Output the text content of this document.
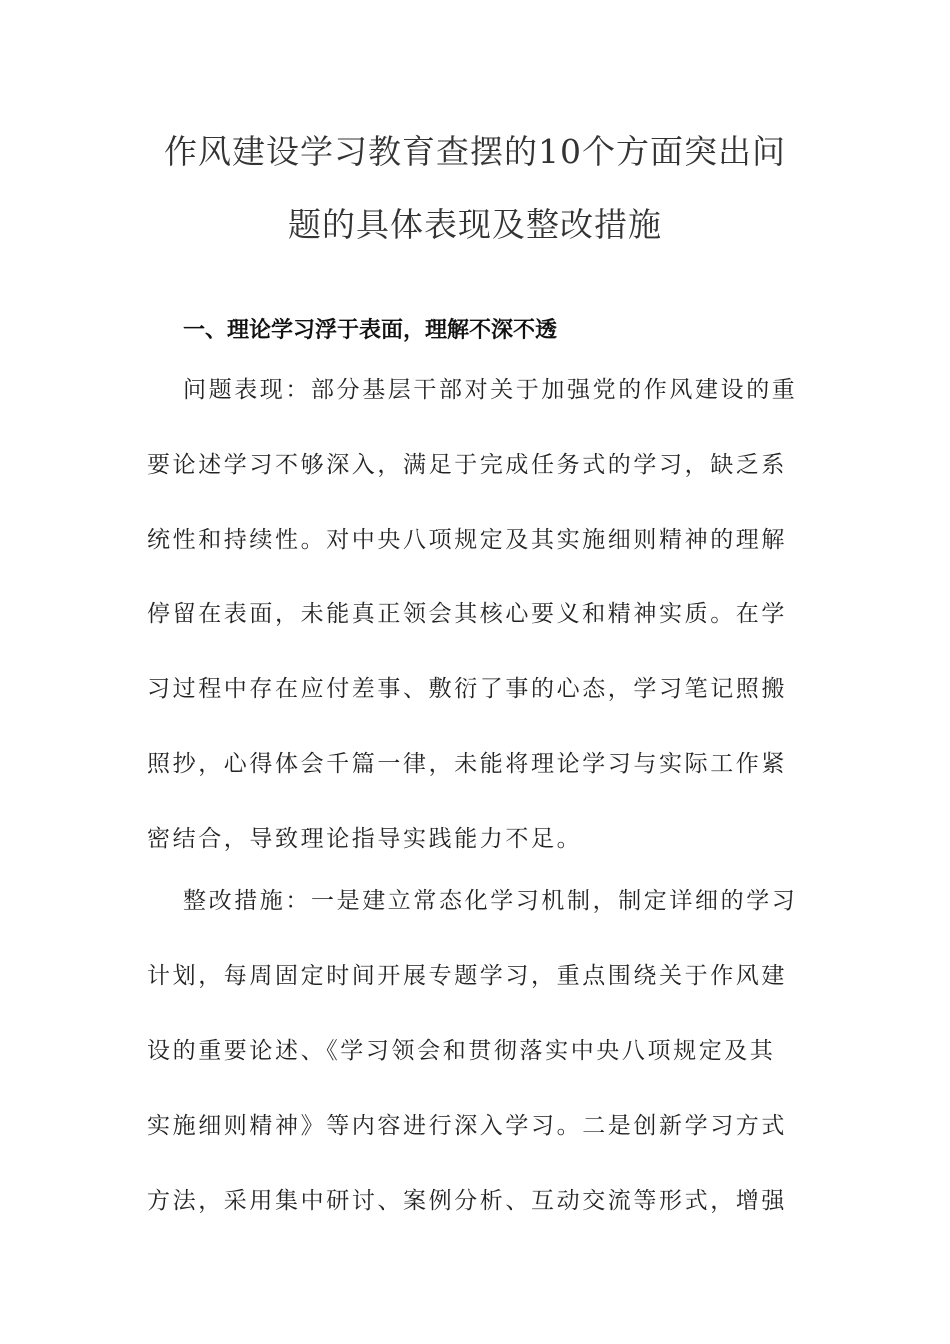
作风建设学习教育查摆的10个方面突出问
题的具体表现及整改措施
一、理论学习浮于表面，理解不深不透
问题表现：部分基层干部对关于加强党的作风建设的重
要论述学习不够深入，满足于完成任务式的学习，缺乏系
统性和持续性。对中央八项规定及其实施细则精神的理解
停留在表面，未能真正领会其核心要义和精神实质。在学
习过程中存在应付差事、敷衍了事的心态，学习笔记照搬
照抄，心得体会千篇一律，未能将理论学习与实际工作紧
密结合，导致理论指导实践能力不足。
整改措施：一是建立常态化学习机制，制定详细的学习
计划，每周固定时间开展专题学习，重点围绕关于作风建
设的重要论述、《学习领会和贯彻落实中央八项规定及其
实施细则精神》等内容进行深入学习。二是创新学习方式
方法，采用集中研讨、案例分析、互动交流等形式，增强
